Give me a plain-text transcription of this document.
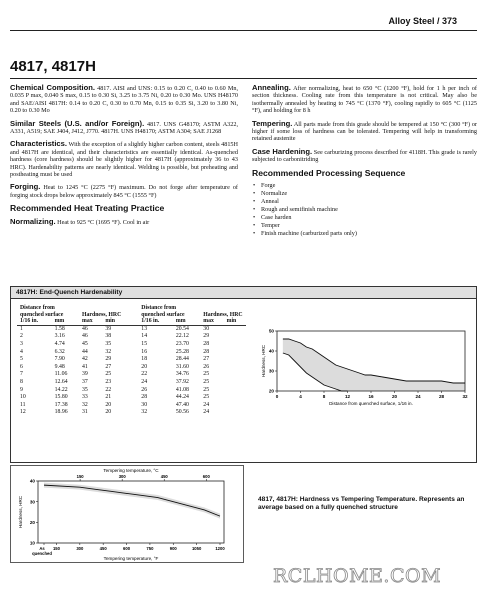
Alloy Steel / 373
4817, 4817H

Chemical Composition. 4817. AISI and UNS: 0.15 to 0.20 C, 0.40 to 0.60 Mn, 0.035 P max, 0.040 S max, 0.15 to 0.30 Si, 3.25 to 3.75 Ni, 0.20 to 0.30 Mo. UNS H48170 and SAE/AISI 4817H: 0.14 to 0.20 C, 0.30 to 0.70 Mn, 0.15 to 0.35 Si, 3.20 to 3.80 Ni, 0.20 to 0.30 Mo

Similar Steels (U.S. and/or Foreign). 4817. UNS G48170; ASTM A322, A331, A519; SAE J404, J412, J770. 4817H. UNS H48170; ASTM A304; SAE J1268

Characteristics. With the exception of a slightly higher carbon content, steels 4815H and 4817H are identical, and their characteristics are essentially identical. As-quenched hardness (core hardness) should be slightly higher for 4817H (approximately 36 to 43 HRC). Hardenability patterns are nearly identical. Welding is possible, but preheating and postheating must be used

Forging. Heat to 1245 °C (2275 °F) maximum. Do not forge after temperature of forging stock drops below approximately 845 °C (1555 °F)

Recommended Heat Treating Practice

Normalizing. Heat to 925 °C (1695 °F). Cool in air

Annealing. After normalizing, heat to 650 °C (1200 °F), hold for 1 h per inch of section thickness. Cooling rate from this temperature is not critical. May also be isothermally annealed by heating to 745 °C (1370 °F), cooling rapidly to 605 °C (1125 °F), and holding for 8 h

Tempering. All parts made from this grade should be tempered at 150 °C (300 °F) or higher if some loss of hardness can be tolerated. Tempering will help in transforming retained austenite

Case Hardening. See carburizing process described for 4118H. This grade is rarely subjected to carbonitriding

Recommended Processing Sequence
• Forge
• Normalize
• Anneal
• Rough and semifinish machine
• Case harden
• Temper
• Finish machine (carburized parts only)
4817H: End-Quench Hardenability
Distance from quenched surface		Hardness, HRC			Distance from quenched surface		Hardness, HRC	
1/16 in.	mm	max	min		1/16 in.	mm	max	min
1	1.58	46	39		13	20.54	30	
2	3.16	46	38		14	22.12	29	
3	4.74	45	35		15	23.70	28	
4	6.32	44	32		16	25.28	28	
5	7.90	42	29		18	28.44	27	
6	9.48	41	27		20	31.60	26	
7	11.06	39	25		22	34.76	25	
8	12.64	37	23		24	37.92	25	
9	14.22	35	22		26	41.08	25	
10	15.80	33	21		28	44.24	25	
11	17.38	32	20		30	47.40	24	
12	18.96	31	20		32	50.56	24	
0	4	8	12	16	20	24	28	32
20
30
40
50
Distance from quenched surface, 1/16 in.
Hardness, HRC
10
20
30
40
As
quenched
150	300	450	600	750	900	1050	1200
150	300	450	600
Tempering temperature, °C
Tempering temperature, °F
Hardness, HRC	4817, 4817H: Hardness vs Tempering Temperature. Represents an average based on a fully quenched structure
RCLHOME.COM
